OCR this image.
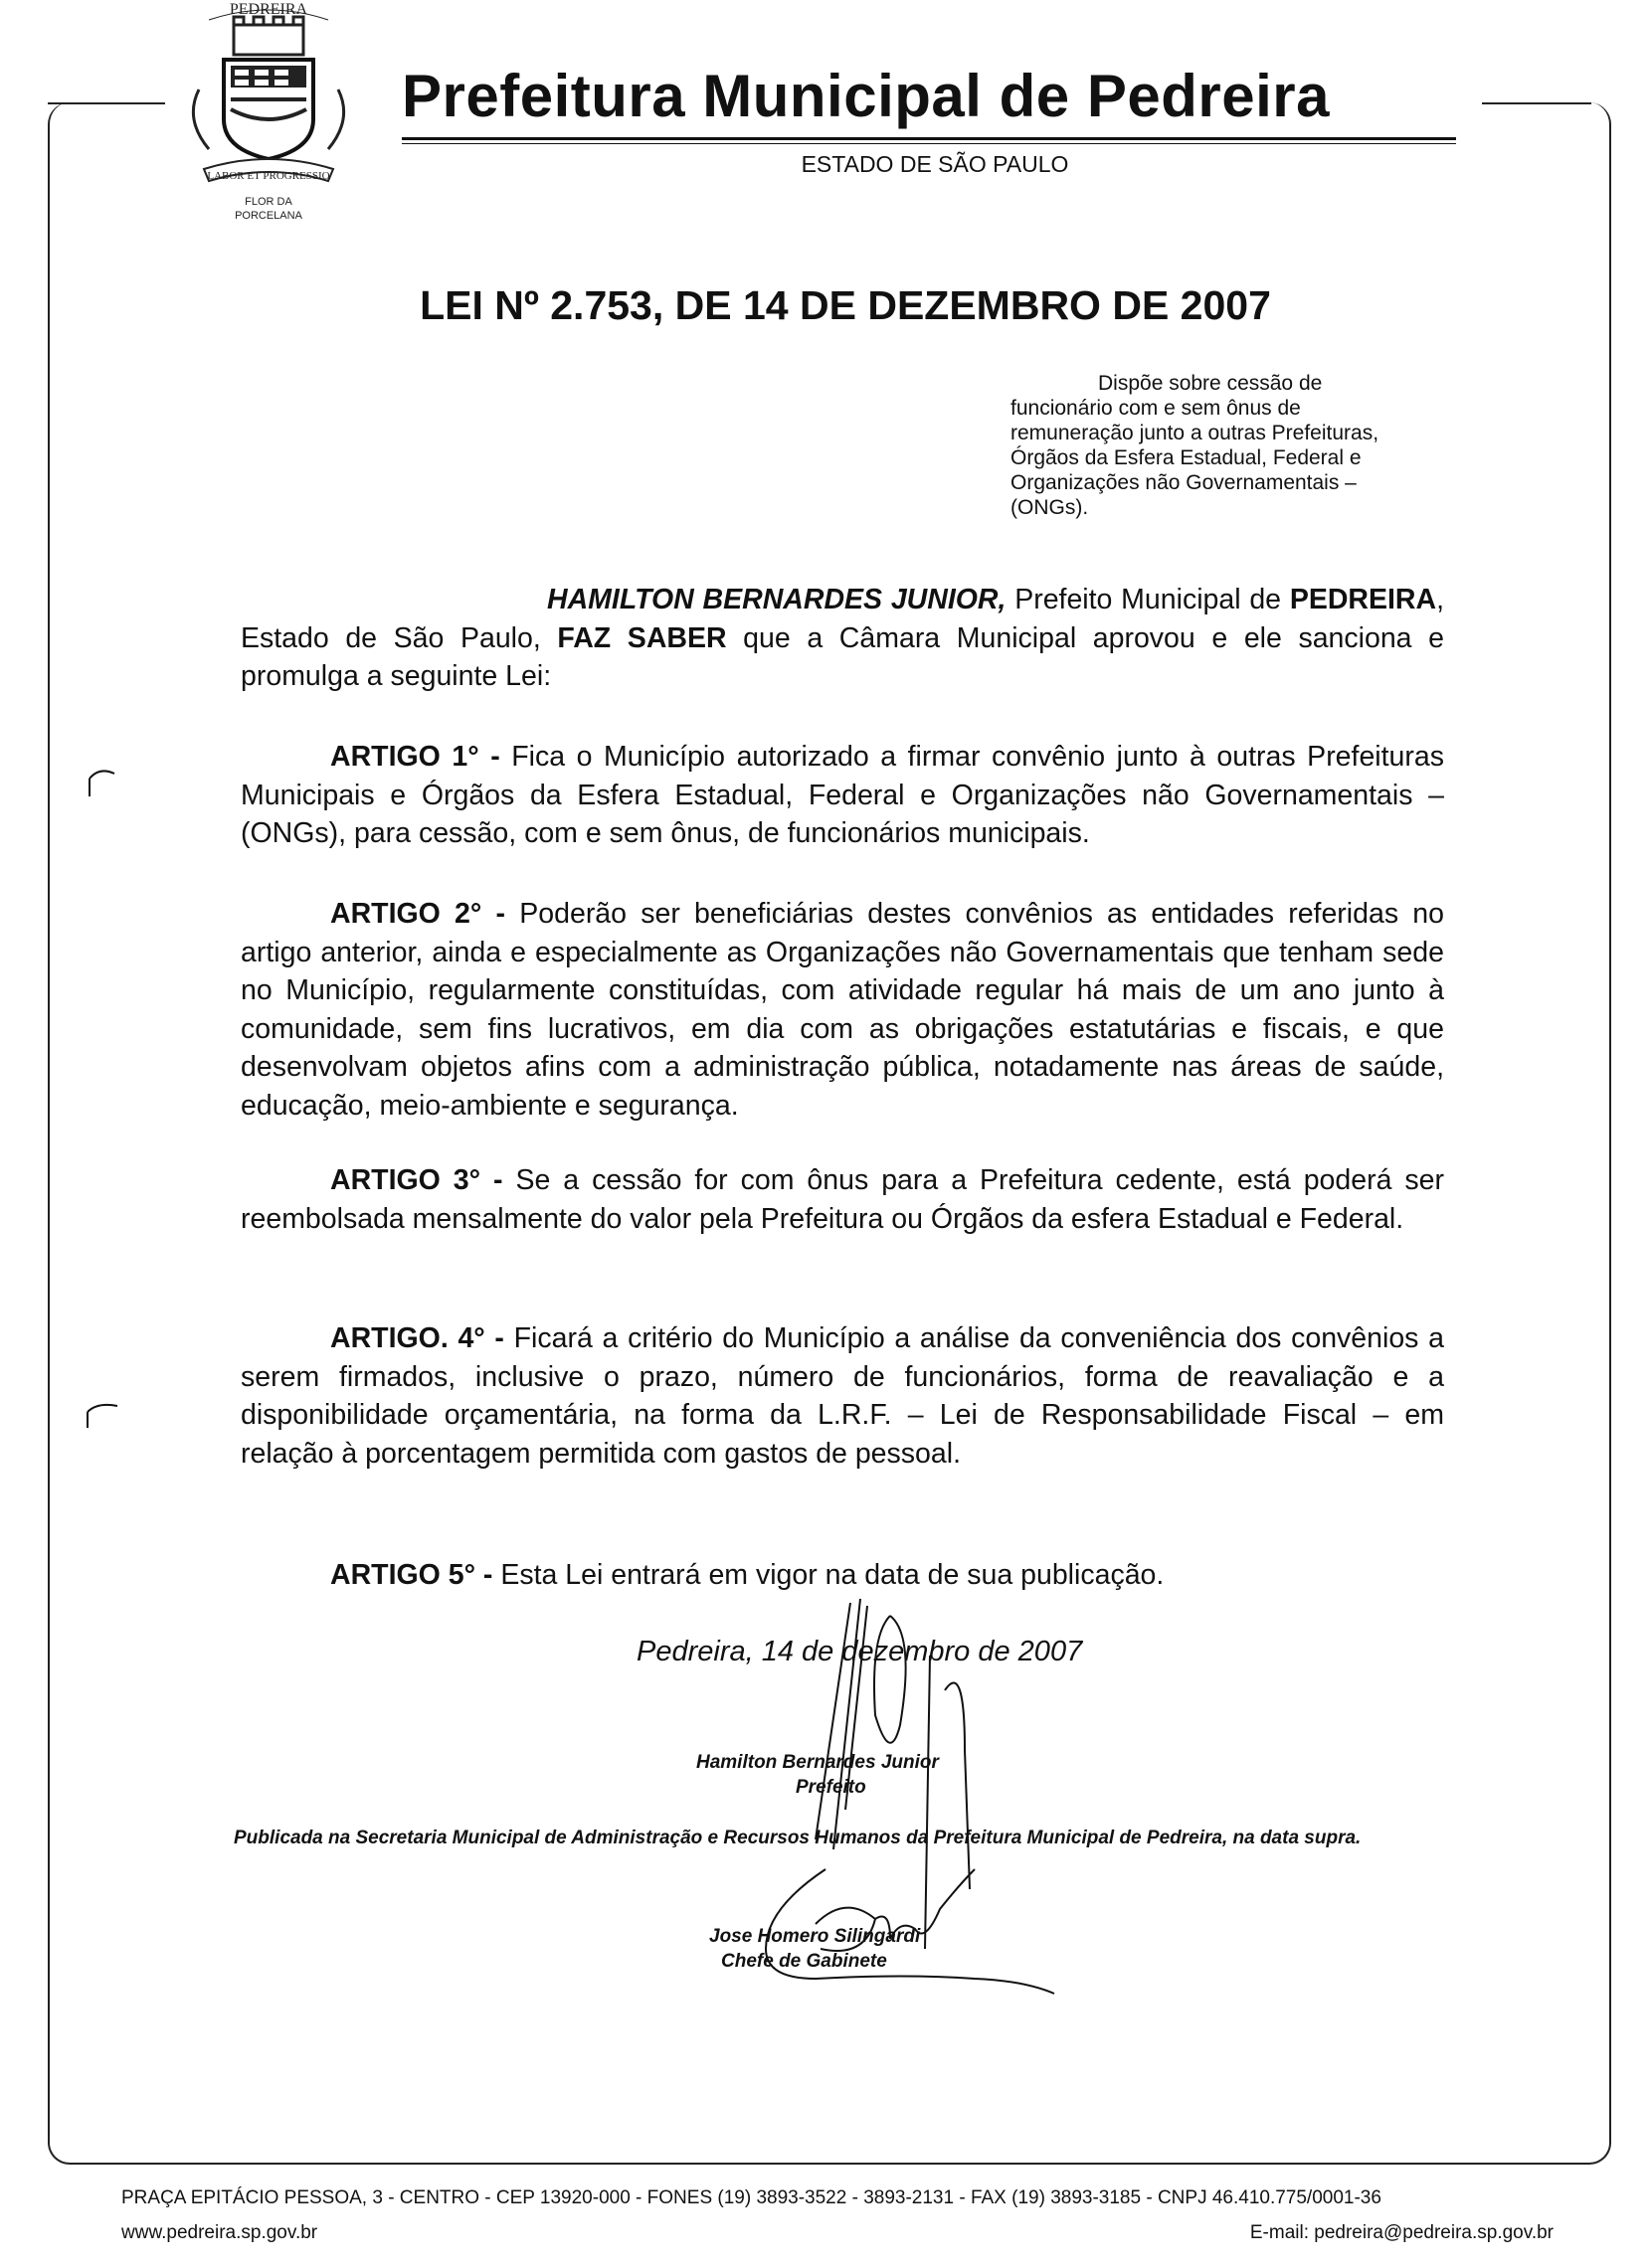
PEDREIRA
LABOR ET PROGRESSIO
FLOR DA
PORCELANA
Prefeitura Municipal de Pedreira
ESTADO DE SÃO PAULO
LEI Nº 2.753, DE 14 DE DEZEMBRO DE 2007

Dispõe sobre cessão de

funcionário com e sem ônus de

remuneração junto a outras Prefeituras,

Órgãos da Esfera Estadual, Federal e

Organizações não Governamentais –

(ONGs).

HAMILTON BERNARDES JUNIOR, Prefeito Municipal de PEDREIRA, Estado de São Paulo, FAZ SABER que a Câmara Municipal aprovou e ele sanciona e promulga a seguinte Lei:

ARTIGO 1° - Fica o Município autorizado a firmar convênio junto à outras Prefeituras Municipais e Órgãos da Esfera Estadual, Federal e Organizações não Governamentais – (ONGs), para cessão, com e sem ônus, de funcionários municipais.

ARTIGO 2° - Poderão ser beneficiárias destes convênios as entidades referidas no artigo anterior, ainda e especialmente as Organizações não Governamentais que tenham sede no Município, regularmente constituídas, com atividade regular há mais de um ano junto à comunidade, sem fins lucrativos, em dia com as obrigações estatutárias e fiscais, e que desenvolvam objetos afins com a administração pública, notadamente nas áreas de saúde, educação, meio-ambiente e segurança.

ARTIGO 3° - Se a cessão for com ônus para a Prefeitura cedente, está poderá ser reembolsada mensalmente do valor pela Prefeitura ou Órgãos da esfera Estadual e Federal.

ARTIGO. 4° - Ficará a critério do Município a análise da conveniência dos convênios a serem firmados, inclusive o prazo, número de funcionários, forma de reavaliação e a disponibilidade orçamentária, na forma da L.R.F. – Lei de Responsabilidade Fiscal – em relação à porcentagem permitida com gastos de pessoal.

ARTIGO 5° - Esta Lei entrará em vigor na data de sua publicação.

Pedreira, 14 de dezembro de 2007
Hamilton Bernardes Junior
Prefeito
Publicada na Secretaria Municipal de Administração e Recursos Humanos da Prefeitura Municipal de Pedreira, na data supra.
Jose Homero Silingardi
Chefe de Gabinete
PRAÇA EPITÁCIO PESSOA, 3 - CENTRO - CEP 13920-000 - FONES (19) 3893-3522 - 3893-2131 - FAX (19) 3893-3185 - CNPJ 46.410.775/0001-36
www.pedreira.sp.gov.br	E-mail: pedreira@pedreira.sp.gov.br
